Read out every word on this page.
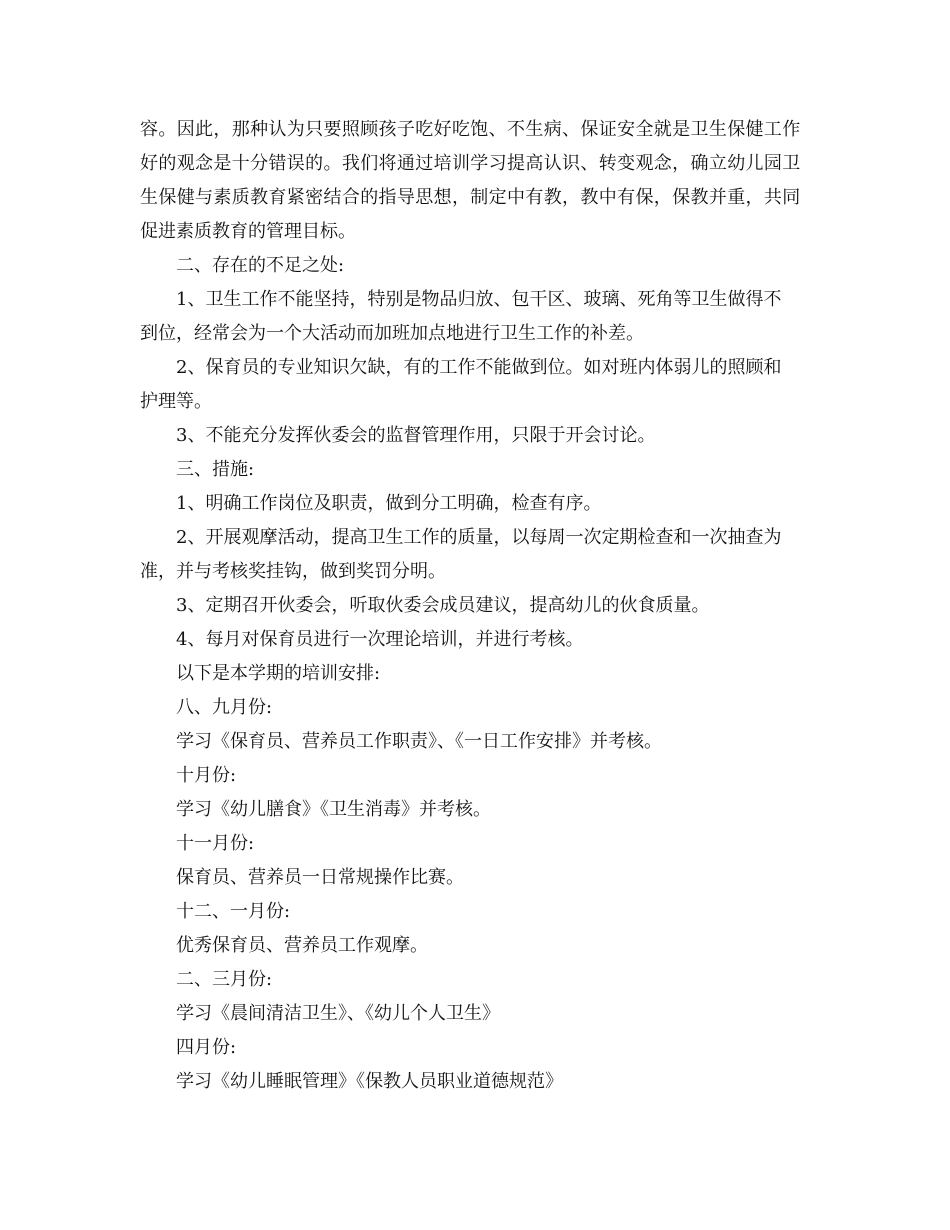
容。因此，那种认为只要照顾孩子吃好吃饱、不生病、保证安全就是卫生保健工作
好的观念是十分错误的。我们将通过培训学习提高认识、转变观念，确立幼儿园卫
生保健与素质教育紧密结合的指导思想，制定中有教，教中有保，保教并重，共同
促进素质教育的管理目标。
二、存在的不足之处:
1、卫生工作不能坚持，特别是物品归放、包干区、玻璃、死角等卫生做得不
到位，经常会为一个大活动而加班加点地进行卫生工作的补差。
2、保育员的专业知识欠缺，有的工作不能做到位。如对班内体弱儿的照顾和
护理等。
3、不能充分发挥伙委会的监督管理作用，只限于开会讨论。
三、措施:
1、明确工作岗位及职责，做到分工明确，检查有序。
2、开展观摩活动，提高卫生工作的质量，以每周一次定期检查和一次抽查为
准，并与考核奖挂钩，做到奖罚分明。
3、定期召开伙委会，听取伙委会成员建议，提高幼儿的伙食质量。
4、每月对保育员进行一次理论培训，并进行考核。
以下是本学期的培训安排:
八、九月份:
学习《保育员、营养员工作职责》、《一日工作安排》并考核。
十月份:
学习《幼儿膳食》《卫生消毒》并考核。
十一月份:
保育员、营养员一日常规操作比赛。
十二、一月份:
优秀保育员、营养员工作观摩。
二、三月份:
学习《晨间清洁卫生》、《幼儿个人卫生》
四月份:
学习《幼儿睡眠管理》《保教人员职业道德规范》
